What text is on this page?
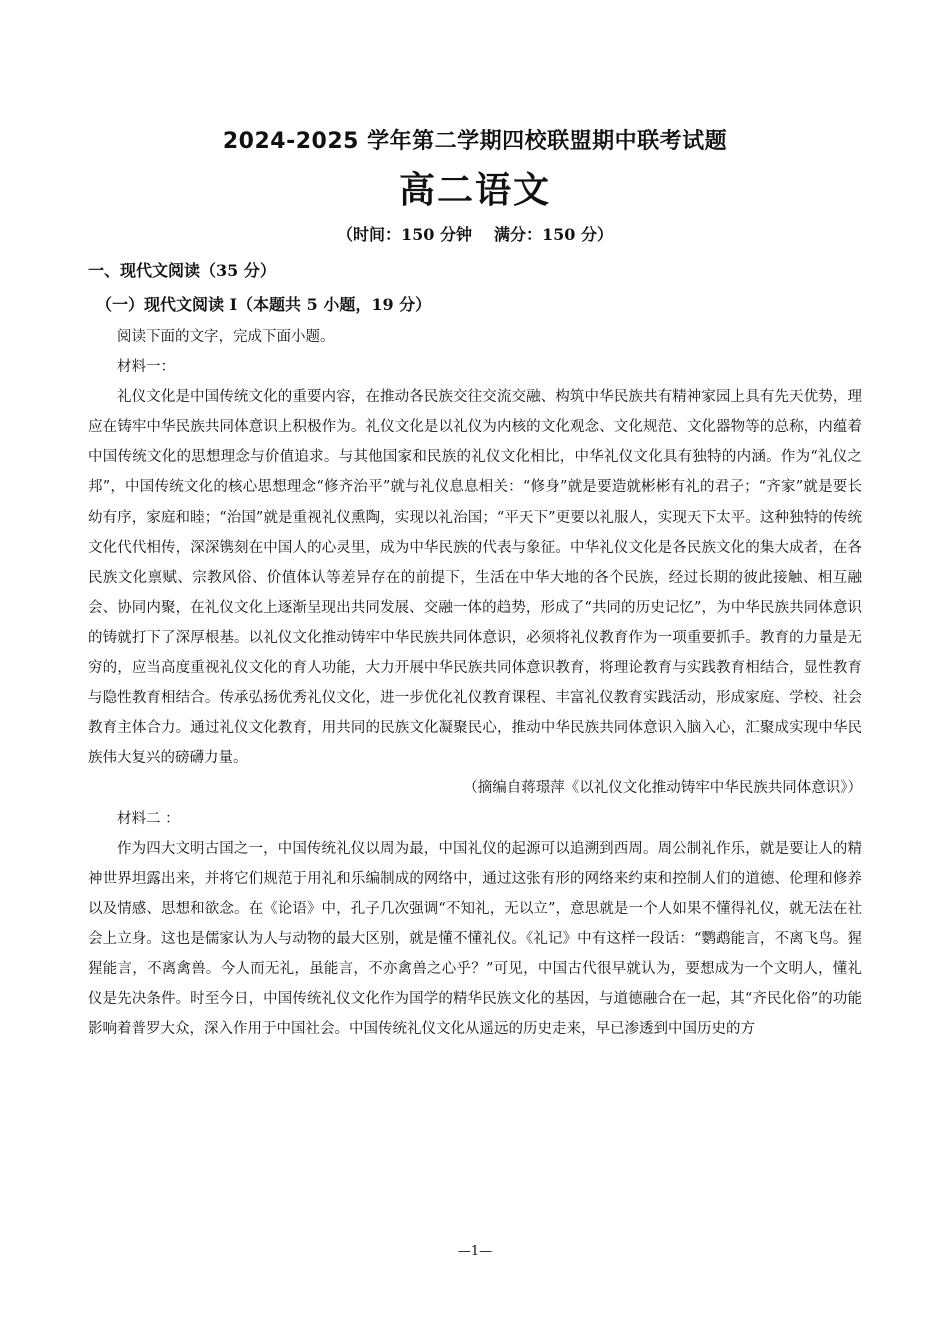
2024-2025 学年第二学期四校联盟期中联考试题
高二语文
（时间：150 分钟 满分：150 分）
一、现代文阅读（35 分）
（一）现代文阅读 I（本题共 5 小题，19 分）

阅读下面的文字，完成下面小题。

材料一：

礼仪文化是中国传统文化的重要内容，在推动各民族交往交流交融、构筑中华民族共有精神家园上具有先天优势，理应在铸牢中华民族共同体意识上积极作为。礼仪文化是以礼仪为内核的文化观念、文化规范、文化器物等的总称，内蕴着中国传统文化的思想理念与价值追求。与其他国家和民族的礼仪文化相比，中华礼仪文化具有独特的内涵。作为“礼仪之邦”，中国传统文化的核心思想理念“修齐治平”就与礼仪息息相关：“修身”就是要造就彬彬有礼的君子；“齐家”就是要长幼有序，家庭和睦；“治国”就是重视礼仪熏陶，实现以礼治国；“平天下”更要以礼服人，实现天下太平。这种独特的传统文化代代相传，深深镌刻在中国人的心灵里，成为中华民族的代表与象征。中华礼仪文化是各民族文化的集大成者，在各民族文化禀赋、宗教风俗、价值体认等差异存在的前提下，生活在中华大地的各个民族，经过长期的彼此接触、相互融会、协同内聚，在礼仪文化上逐渐呈现出共同发展、交融一体的趋势，形成了“共同的历史记忆”，为中华民族共同体意识的铸就打下了深厚根基。以礼仪文化推动铸牢中华民族共同体意识，必须将礼仪教育作为一项重要抓手。教育的力量是无穷的，应当高度重视礼仪文化的育人功能，大力开展中华民族共同体意识教育，将理论教育与实践教育相结合，显性教育与隐性教育相结合。传承弘扬优秀礼仪文化，进一步优化礼仪教育课程、丰富礼仪教育实践活动，形成家庭、学校、社会教育主体合力。通过礼仪文化教育，用共同的民族文化凝聚民心，推动中华民族共同体意识入脑入心，汇聚成实现中华民族伟大复兴的磅礴力量。

（摘编自蒋璟萍《以礼仪文化推动铸牢中华民族共同体意识》）

材料二 ：

作为四大文明古国之一，中国传统礼仪以周为最，中国礼仪的起源可以追溯到西周。周公制礼作乐，就是要让人的精神世界坦露出来，并将它们规范于用礼和乐编制成的网络中，通过这张有形的网络来约束和控制人们的道德、伦理和修养以及情感、思想和欲念。在《论语》中，孔子几次强调“不知礼，无以立”，意思就是一个人如果不懂得礼仪，就无法在社会上立身。这也是儒家认为人与动物的最大区别，就是懂不懂礼仪。《礼记》中有这样一段话：“鹦鹉能言，不离飞鸟。猩猩能言，不离禽兽。今人而无礼，虽能言，不亦禽兽之心乎？”可见，中国古代很早就认为，要想成为一个文明人，懂礼仪是先决条件。时至今日，中国传统礼仪文化作为国学的精华民族文化的基因，与道德融合在一起，其“齐民化俗”的功能影响着普罗大众，深入作用于中国社会。中国传统礼仪文化从遥远的历史走来，早已渗透到中国历史的方

—1—
